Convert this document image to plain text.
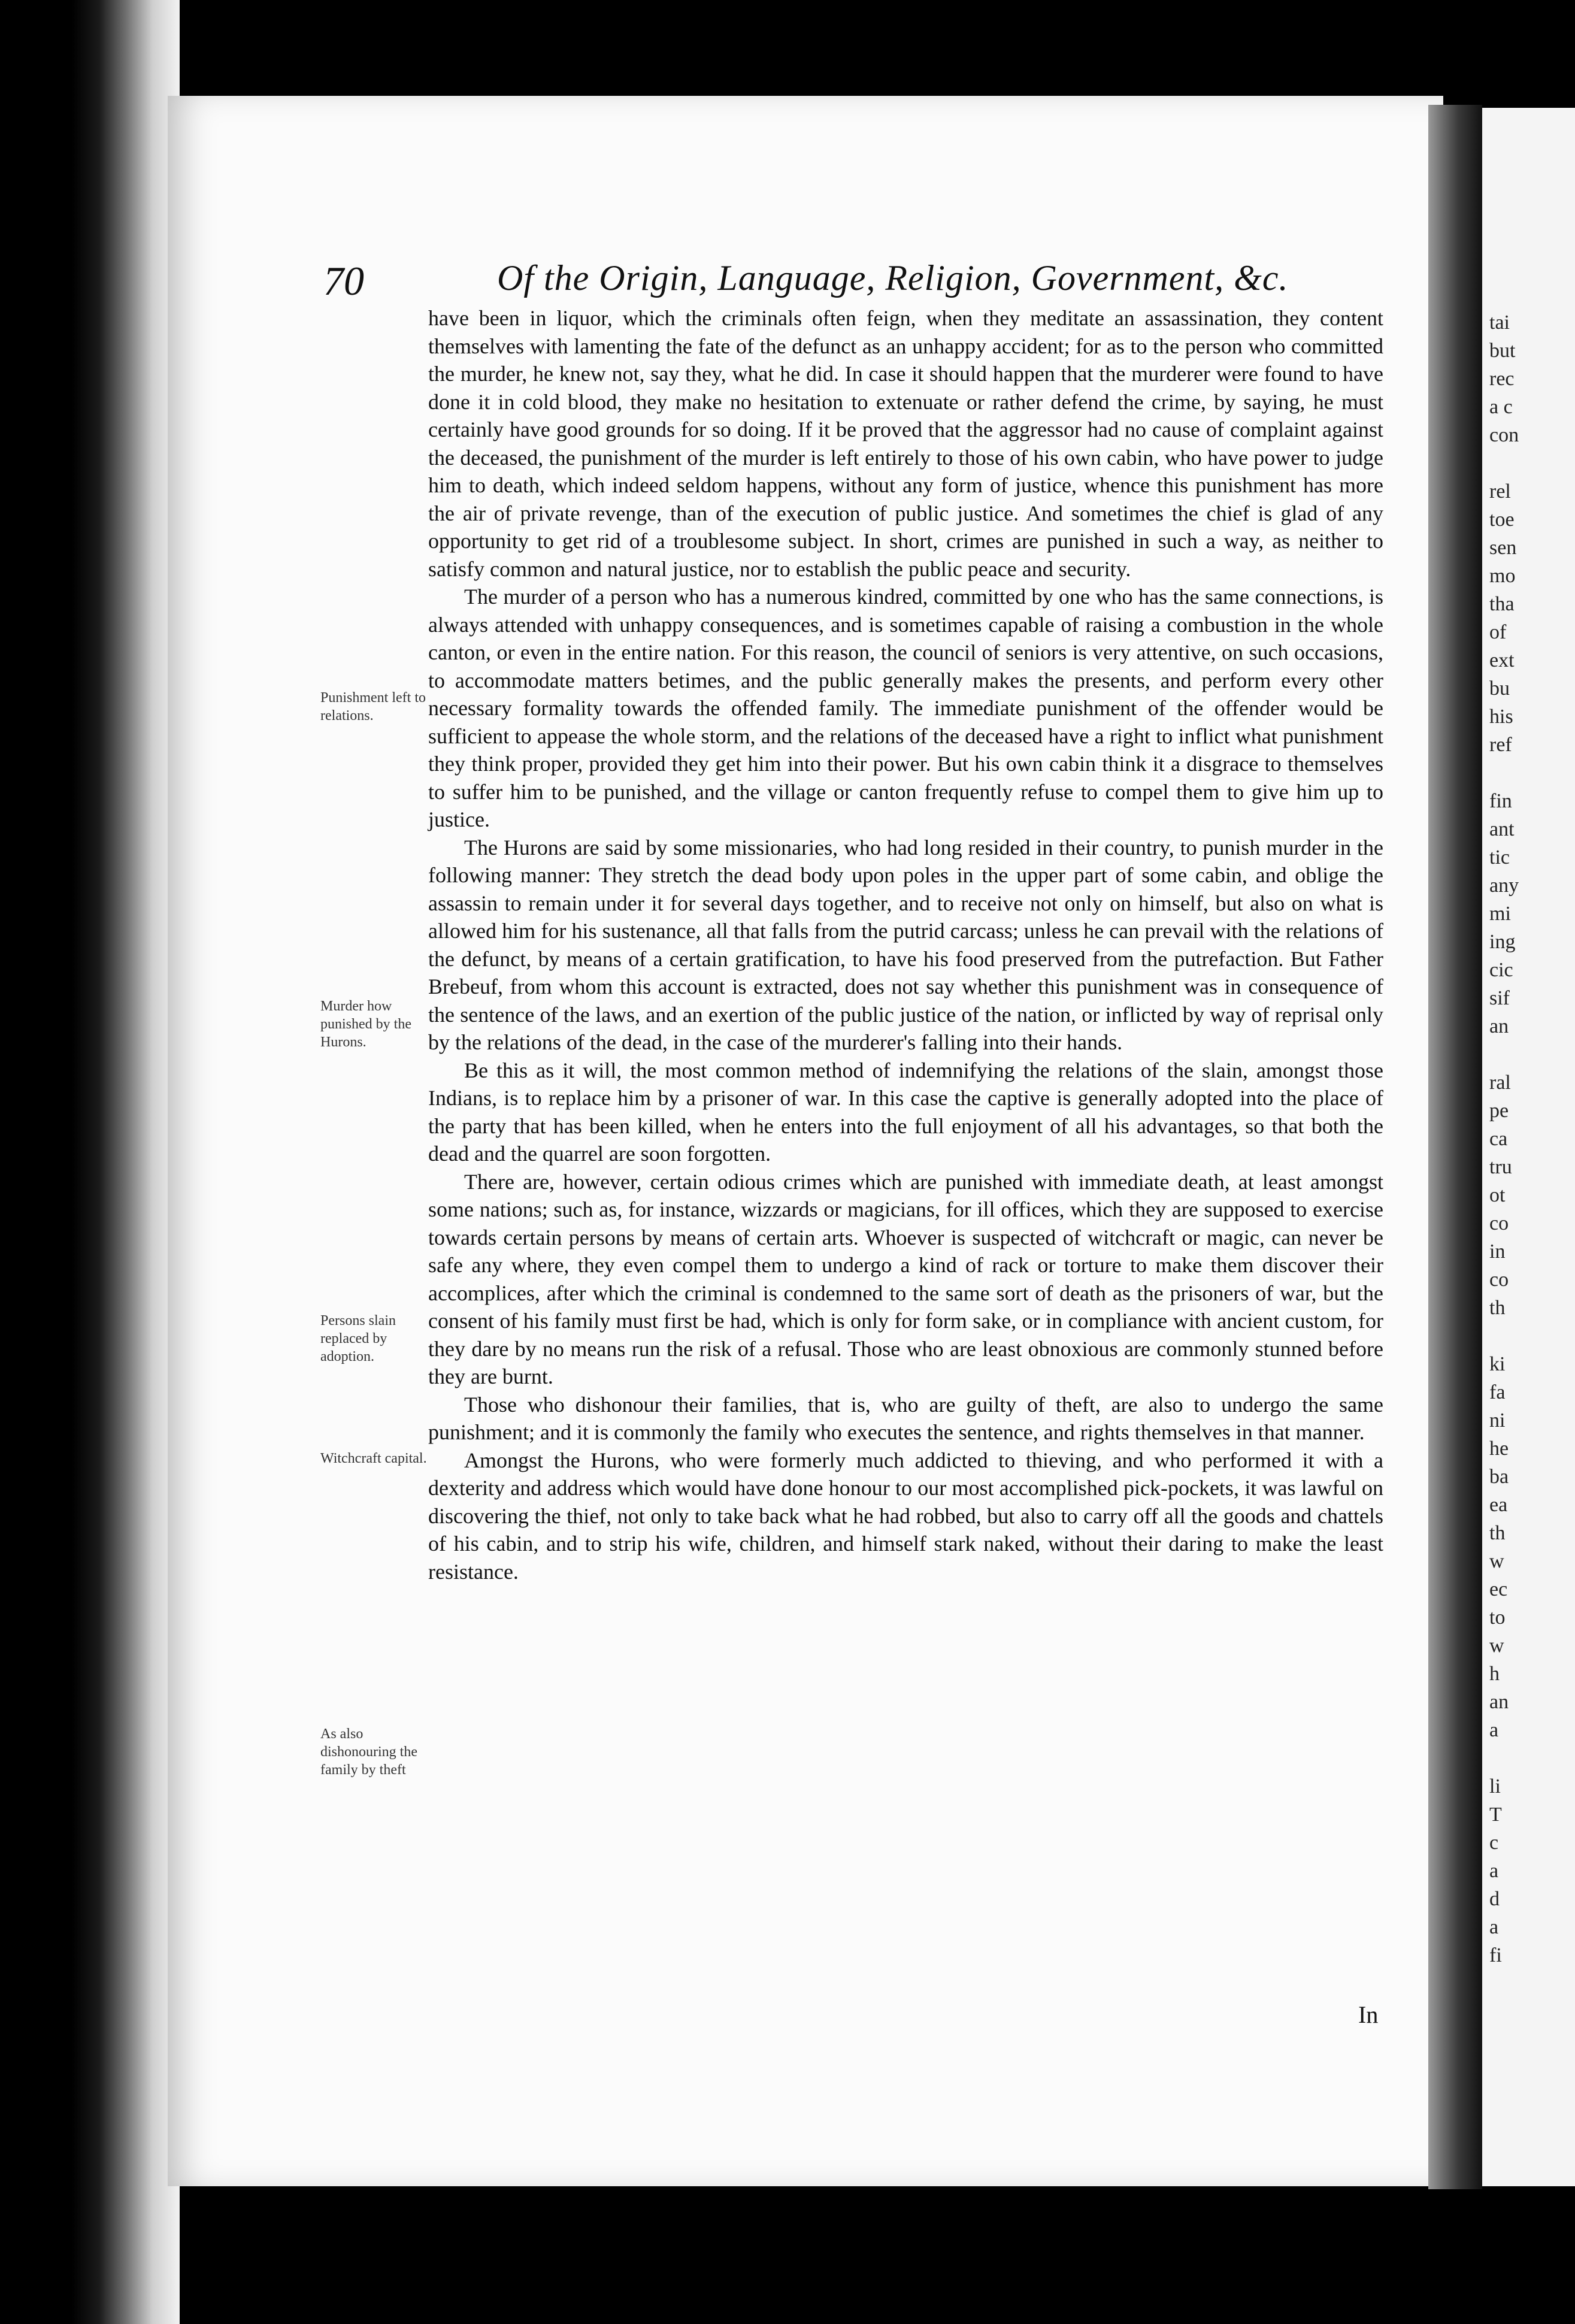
tai
but
rec
a c
con

rel
toe
sen
mo
tha
of
ext
bu
his
ref

fin
ant
tic
any
mi
ing
cic
sif
an

ral
pe
ca
tru
ot
co
in
co
th

ki
fa
ni
he
ba
ea
th
w
ec
to
w
h
an
a

li
T
c
a
d
a
fi
70	Of the Origin, Language, Religion, Government, &c.

have been in liquor, which the criminals often feign, when they meditate an assassination, they content themselves with lamenting the fate of the defunct as an unhappy accident; for as to the person who committed the murder, he knew not, say they, what he did. In case it should happen that the murderer were found to have done it in cold blood, they make no hesitation to extenuate or rather defend the crime, by saying, he must certainly have good grounds for so doing. If it be proved that the aggressor had no cause of complaint against the deceased, the punishment of the murder is left entirely to those of his own cabin, who have power to judge him to death, which indeed seldom happens, without any form of justice, whence this punishment has more the air of private revenge, than of the execution of public justice. And sometimes the chief is glad of any opportunity to get rid of a troublesome subject. In short, crimes are punished in such a way, as neither to satisfy common and natural justice, nor to establish the public peace and security.

The murder of a person who has a numerous kindred, committed by one who has the same connections, is always attended with unhappy consequences, and is sometimes capable of raising a combustion in the whole canton, or even in the entire nation. For this reason, the council of seniors is very attentive, on such occasions, to accommodate matters betimes, and the public generally makes the presents, and perform every other necessary formality towards the offended family. The immediate punishment of the offender would be sufficient to appease the whole storm, and the relations of the deceased have a right to inflict what punishment they think proper, provided they get him into their power. But his own cabin think it a disgrace to themselves to suffer him to be punished, and the village or canton frequently refuse to compel them to give him up to justice.

The Hurons are said by some missionaries, who had long resided in their country, to punish murder in the following manner: They stretch the dead body upon poles in the upper part of some cabin, and oblige the assassin to remain under it for several days together, and to receive not only on himself, but also on what is allowed him for his sustenance, all that falls from the putrid carcass; unless he can prevail with the relations of the defunct, by means of a certain gratification, to have his food preserved from the putrefaction. But Father Brebeuf, from whom this account is extracted, does not say whether this punishment was in consequence of the sentence of the laws, and an exertion of the public justice of the nation, or inflicted by way of reprisal only by the relations of the dead, in the case of the murderer's falling into their hands.

Be this as it will, the most common method of indemnifying the relations of the slain, amongst those Indians, is to replace him by a prisoner of war. In this case the captive is generally adopted into the place of the party that has been killed, when he enters into the full enjoyment of all his advantages, so that both the dead and the quarrel are soon forgotten.

There are, however, certain odious crimes which are punished with immediate death, at least amongst some nations; such as, for instance, wizzards or magicians, for ill offices, which they are supposed to exercise towards certain persons by means of certain arts. Whoever is suspected of witchcraft or magic, can never be safe any where, they even compel them to undergo a kind of rack or torture to make them discover their accomplices, after which the criminal is condemned to the same sort of death as the prisoners of war, but the consent of his family must first be had, which is only for form sake, or in compliance with ancient custom, for they dare by no means run the risk of a refusal. Those who are least obnoxious are commonly stunned before they are burnt.

Those who dishonour their families, that is, who are guilty of theft, are also to undergo the same punishment; and it is commonly the family who executes the sentence, and rights themselves in that manner.

Amongst the Hurons, who were formerly much addicted to thieving, and who performed it with a dexterity and address which would have done honour to our most accomplished pick-pockets, it was lawful on discovering the thief, not only to take back what he had robbed, but also to carry off all the goods and chattels of his cabin, and to strip his wife, children, and himself stark naked, without their daring to make the least resistance.

Punishment left to relations.
Murder how punished by the Hurons.
Persons slain replaced by adoption.
Witchcraft capital.
As also dishonouring the family by theft
In
